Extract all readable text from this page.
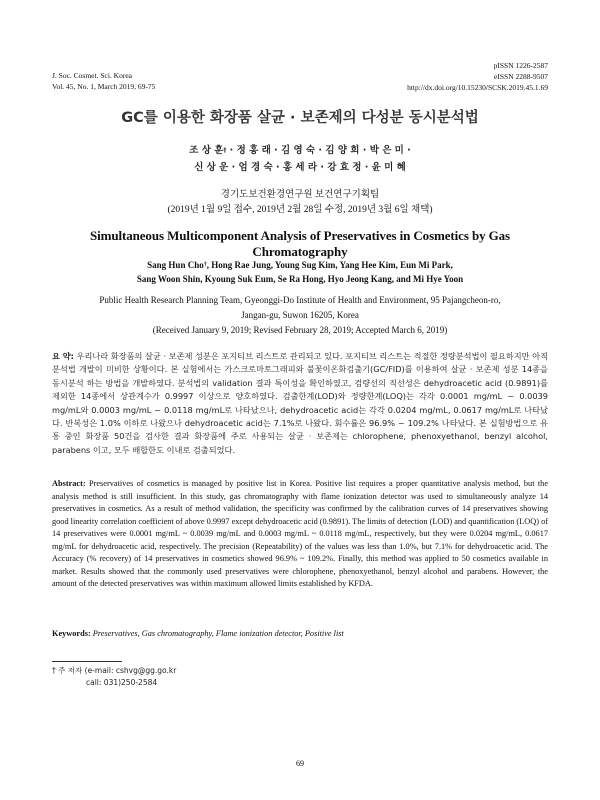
J. Soc. Cosmet. Sci. Korea
Vol. 45, No. 1, March 2019, 69-75
pISSN 1226-2587
eISSN 2288-9507
http://dx.doi.org/10.15230/SCSK.2019.45.1.69
GC를 이용한 화장품 살균 · 보존제의 다성분 동시분석법
조 상 훈† · 정 홍 래 · 김 영 숙 · 김 양 희 · 박 은 미 ·
신 상 운 · 엄 경 숙 · 홍 세 라 · 강 효 정 · 윤 미 혜
경기도보건환경연구원 보건연구기획팀
(2019년 1월 9일 접수, 2019년 2월 28일 수정, 2019년 3월 6일 채택)
Simultaneous Multicomponent Analysis of Preservatives in Cosmetics by Gas Chromatography
Sang Hun Cho†, Hong Rae Jung, Young Sug Kim, Yang Hee Kim, Eun Mi Park,
Sang Woon Shin, Kyoung Suk Eum, Se Ra Hong, Hyo Jeong Kang, and Mi Hye Yoon
Public Health Research Planning Team, Gyeonggi-Do Institute of Health and Environment, 95 Pajangcheon-ro,
Jangan-gu, Suwon 16205, Korea
(Received January 9, 2019; Revised February 28, 2019; Accepted March 6, 2019)
요 약: 우리나라 화장품의 살균 · 보존제 성분은 포지티브 리스트로 관리되고 있다. 포지티브 리스트는 적절한 정량분석법이 필요하지만 아직 분석법 개발이 미비한 상황이다. 본 실험에서는 가스크로마토그래피와 불꽃이온화검출기(GC/FID)를 이용하여 살균 · 보존제 성분 14종을 동시분석 하는 방법을 개발하였다. 분석법의 validation 결과 특이성을 확인하였고, 검량선의 직선성은 dehydroacetic acid (0.9891)를 제외한 14종에서 상관계수가 0.9997 이상으로 양호하였다. 검출한계(LOD)와 정량한계(LOQ)는 각각 0.0001 mg/mL ~ 0.0039 mg/mL와 0.0003 mg/mL ~ 0.0118 mg/mL로 나타났으나, dehydroacetic acid는 각각 0.0204 mg/mL, 0.0617 mg/mL로 나타났다. 반복성은 1.0% 이하로 나왔으나 dehydroacetic acid는 7.1%로 나왔다. 회수률은 96.9% ~ 109.2% 나타났다. 본 실험방법으로 유통 중인 화장품 50건을 검사한 결과 화장품에 주로 사용되는 살균 · 보존제는 chlorophene, phenoxyethanol, benzyl alcohol, parabens 이고, 모두 배합한도 이내로 검출되었다.
Abstract: Preservatives of cosmetics is managed by positive list in Korea. Positive list requires a proper quantitative analysis method, but the analysis method is still insufficient. In this study, gas chromatography with flame ionization detector was used to simultaneously analyze 14 preservatives in cosmetics. As a result of method validation, the specificity was confirmed by the calibration curves of 14 preservatives showing good linearity correlation coefficient of above 0.9997 except dehydroacetic acid (0.9891). The limits of detection (LOD) and quantification (LOQ) of 14 preservatives were 0.0001 mg/mL ~ 0.0039 mg/mL and 0.0003 mg/mL ~ 0.0118 mg/mL, respectively, but they were 0.0204 mg/mL, 0.0617 mg/mL for dehydroacetic acid, respectively. The precision (Repeatability) of the values was less than 1.0%, but 7.1% for dehydroacetic acid. The Accuracy (% recovery) of 14 preservatives in cosmetics showed 96.9% ~ 109.2%. Finally, this method was applied to 50 cosmetics available in market. Results showed that the commonly used preservatives were chlorophene, phenoxyethanol, benzyl alcohol and parabens. However, the amount of the detected preservatives was within maximum allowed limits established by KFDA.
Keywords: Preservatives, Gas chromatography, Flame ionization detector, Positive list
† 주 저자 (e-mail: cshvg@gg.go.kr
call: 031)250-2584
69
